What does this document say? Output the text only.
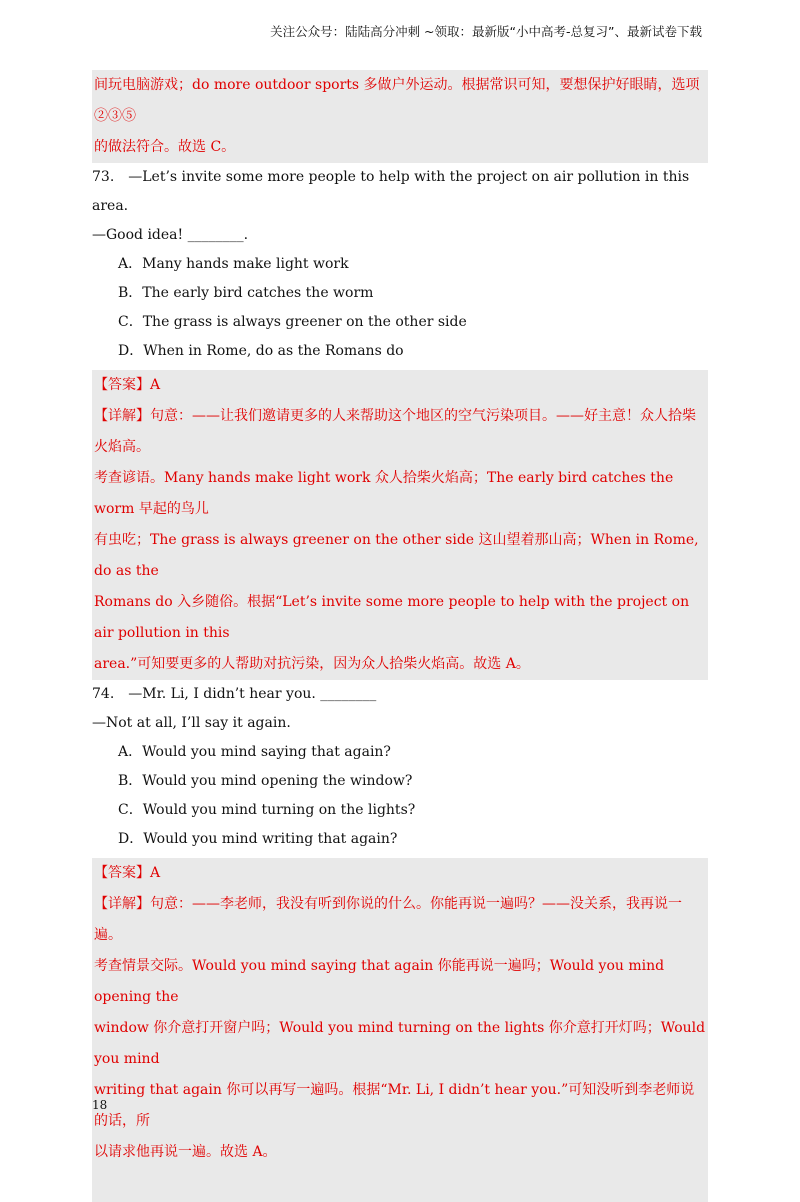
关注公众号：陆陆高分冲刺 ~领取：最新版“小中高考-总复习”、最新试卷下载

间玩电脑游戏；do more outdoor sports 多做户外运动。根据常识可知，要想保护好眼睛，选项②③⑤

的做法符合。故选 C。

73.　—Let’s invite some more people to help with the project on air pollution in this area.

—Good idea! ________.

A．Many hands make light work

B．The early bird catches the worm

C．The grass is always greener on the other side

D．When in Rome, do as the Romans do

【答案】A

【详解】句意：——让我们邀请更多的人来帮助这个地区的空气污染项目。——好主意！众人拾柴

火焰高。

考查谚语。Many hands make light work 众人拾柴火焰高；The early bird catches the worm 早起的鸟儿

有虫吃；The grass is always greener on the other side 这山望着那山高；When in Rome, do as the

Romans do 入乡随俗。根据“Let’s invite some more people to help with the project on air pollution in this

area.”可知要更多的人帮助对抗污染，因为众人拾柴火焰高。故选 A。

74.　—Mr. Li, I didn’t hear you. ________

—Not at all, I’ll say it again.

A．Would you mind saying that again?

B．Would you mind opening the window?

C．Would you mind turning on the lights?

D．Would you mind writing that again?

【答案】A

【详解】句意：——李老师，我没有听到你说的什么。你能再说一遍吗？——没关系，我再说一遍。

考查情景交际。Would you mind saying that again 你能再说一遍吗；Would you mind opening the

window 你介意打开窗户吗；Would you mind turning on the lights 你介意打开灯吗；Would you mind

writing that again 你可以再写一遍吗。根据“Mr. Li, I didn’t hear you.”可知没听到李老师说的话，所

以请求他再说一遍。故选 A。

18
